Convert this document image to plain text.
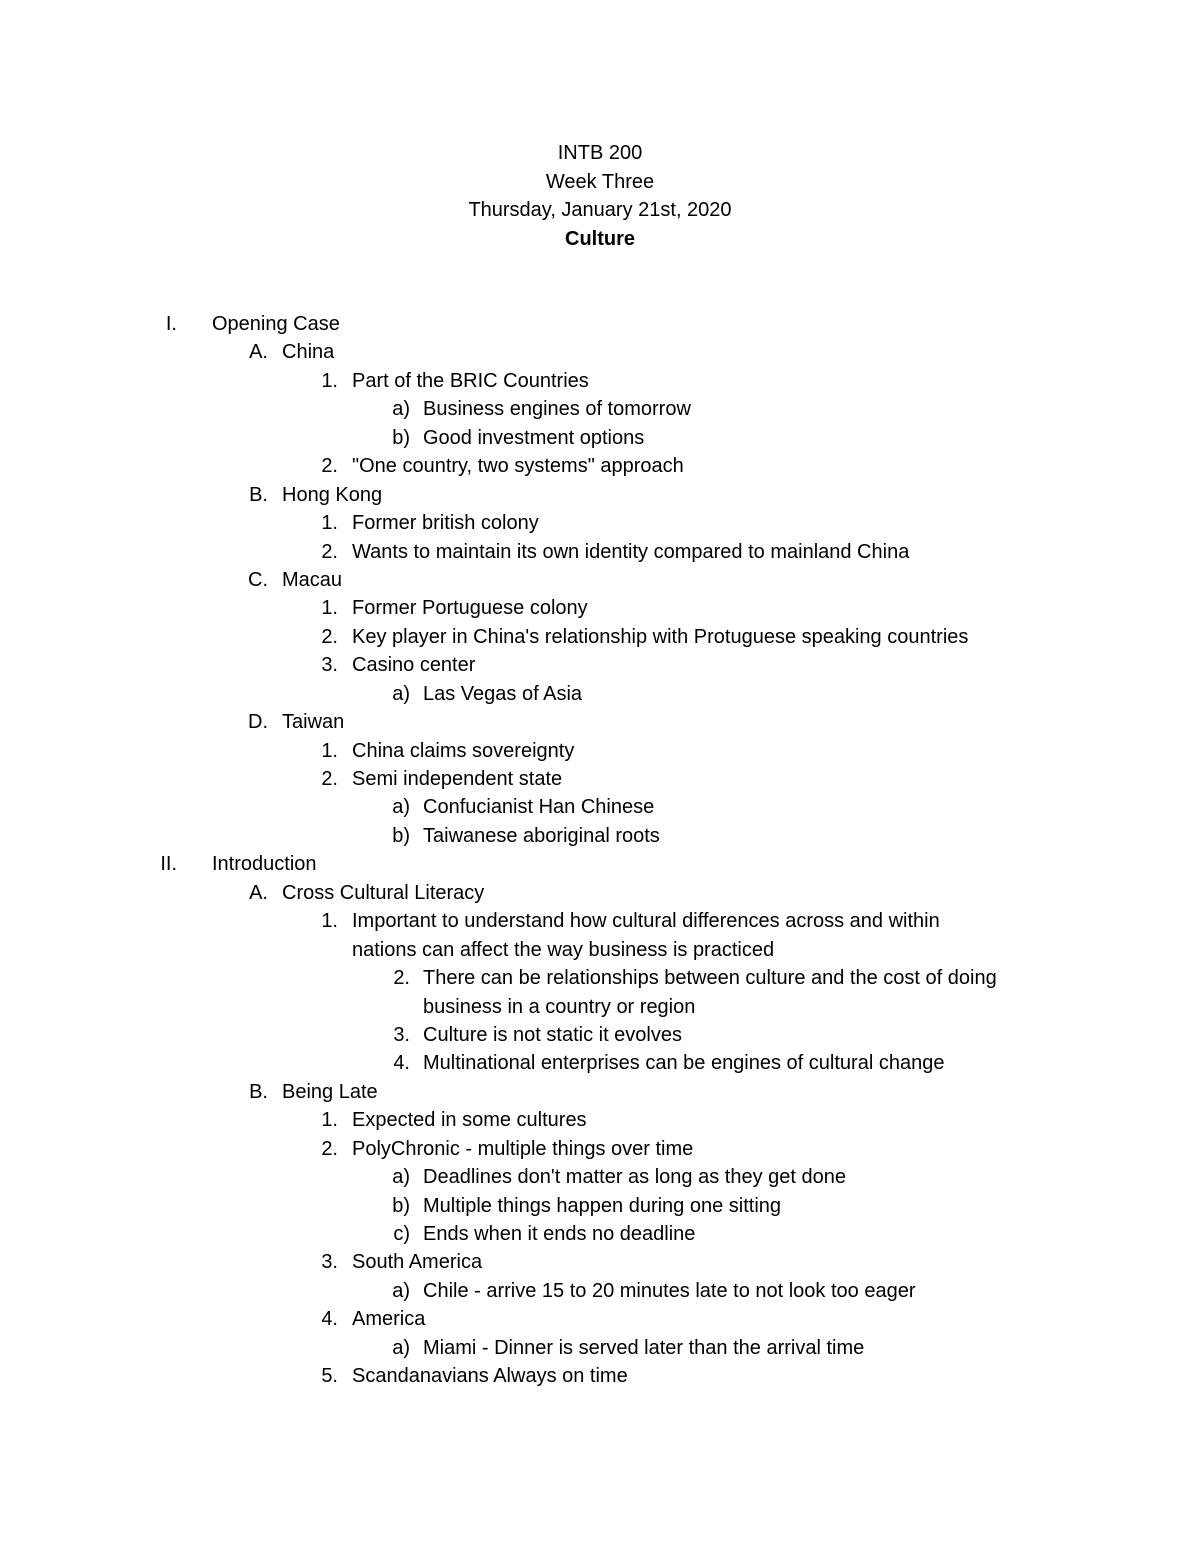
INTB 200
Week Three
Thursday, January 21st, 2020
Culture
I. Opening Case
A. China
1. Part of the BRIC Countries
a) Business engines of tomorrow
b) Good investment options
2. "One country, two systems" approach
B. Hong Kong
1. Former british colony
2. Wants to maintain its own identity compared to mainland China
C. Macau
1. Former Portuguese colony
2. Key player in China's relationship with Protuguese speaking countries
3. Casino center
a) Las Vegas of Asia
D. Taiwan
1. China claims sovereignty
2. Semi independent state
a) Confucianist Han Chinese
b) Taiwanese aboriginal roots
II. Introduction
A. Cross Cultural Literacy
1. Important to understand how cultural differences across and within
nations can affect the way business is practiced
2. There can be relationships between culture and the cost of doing
business in a country or region
3. Culture is not static it evolves
4. Multinational enterprises can be engines of cultural change
B. Being Late
1. Expected in some cultures
2. PolyChronic - multiple things over time
a) Deadlines don't matter as long as they get done
b) Multiple things happen during one sitting
c) Ends when it ends no deadline
3. South America
a) Chile - arrive 15 to 20 minutes late to not look too eager
4. America
a) Miami - Dinner is served later than the arrival time
5. Scandanavians Always on time
